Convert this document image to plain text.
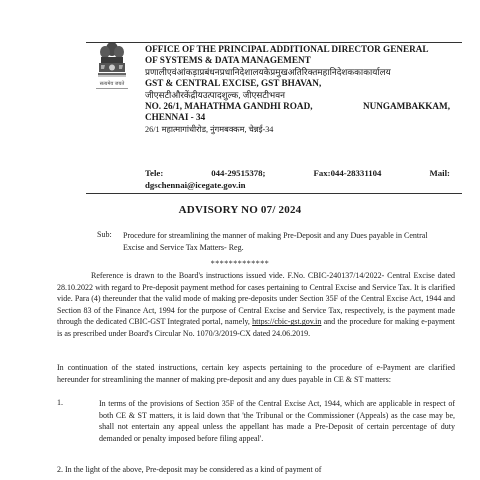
सत्यमेव जयते
OFFICE OF THE PRINCIPAL ADDITIONAL DIRECTOR GENERAL
OF SYSTEMS & DATA MANAGEMENT
प्रणालीएवंआंकड़ाप्रबंधनप्रधानिदेशालयकेप्रमुखअतिरिक्तमहानिदेशककाकार्यालय
GST & CENTRAL EXCISE, GST BHAVAN,
जीएसटीऔरकेंद्रीयउत्पादशुल्क, जीएसटीभवन
NO. 26/1, MAHATHMA GANDHI ROAD,	NUNGAMBAKKAM,
CHENNAI - 34
26/1 महात्मागांधीरोड, नुंगमबक्कम, चेन्नई-34
Tele:	044-29515378;	Fax:044-28331104	Mail:
dgschennai@icegate.gov.in
ADVISORY NO 07/ 2024
Sub: Procedure for streamlining the manner of making Pre-Deposit and any Dues payable in Central Excise and Service Tax Matters- Reg.
*************
Reference is drawn to the Board's instructions issued vide. F.No. CBIC-240137/14/2022- Central Excise dated 28.10.2022 with regard to Pre-deposit payment method for cases pertaining to Central Excise and Service Tax. It is clarified vide. Para (4) thereunder that the valid mode of making pre-deposits under Section 35F of the Central Excise Act, 1944 and Section 83 of the Finance Act, 1994 for the purpose of Central Excise and Service Tax, respectively, is the payment made through the dedicated CBIC-GST Integrated portal, namely, https://cbic-gst.gov.in and the procedure for making e-payment is as prescribed under Board's Circular No. 1070/3/2019-CX dated 24.06.2019.
In continuation of the stated instructions, certain key aspects pertaining to the procedure of e-Payment are clarified hereunder for streamlining the manner of making pre-deposit and any dues payable in CE & ST matters:
1.	In terms of the provisions of Section 35F of the Central Excise Act, 1944, which are applicable in respect of both CE & ST matters, it is laid down that 'the Tribunal or the Commissioner (Appeals) as the case may be, shall not entertain any appeal unless the appellant has made a Pre-Deposit of certain percentage of duty demanded or penalty imposed before filing appeal'.
2. In the light of the above, Pre-deposit may be considered as a kind of payment of
